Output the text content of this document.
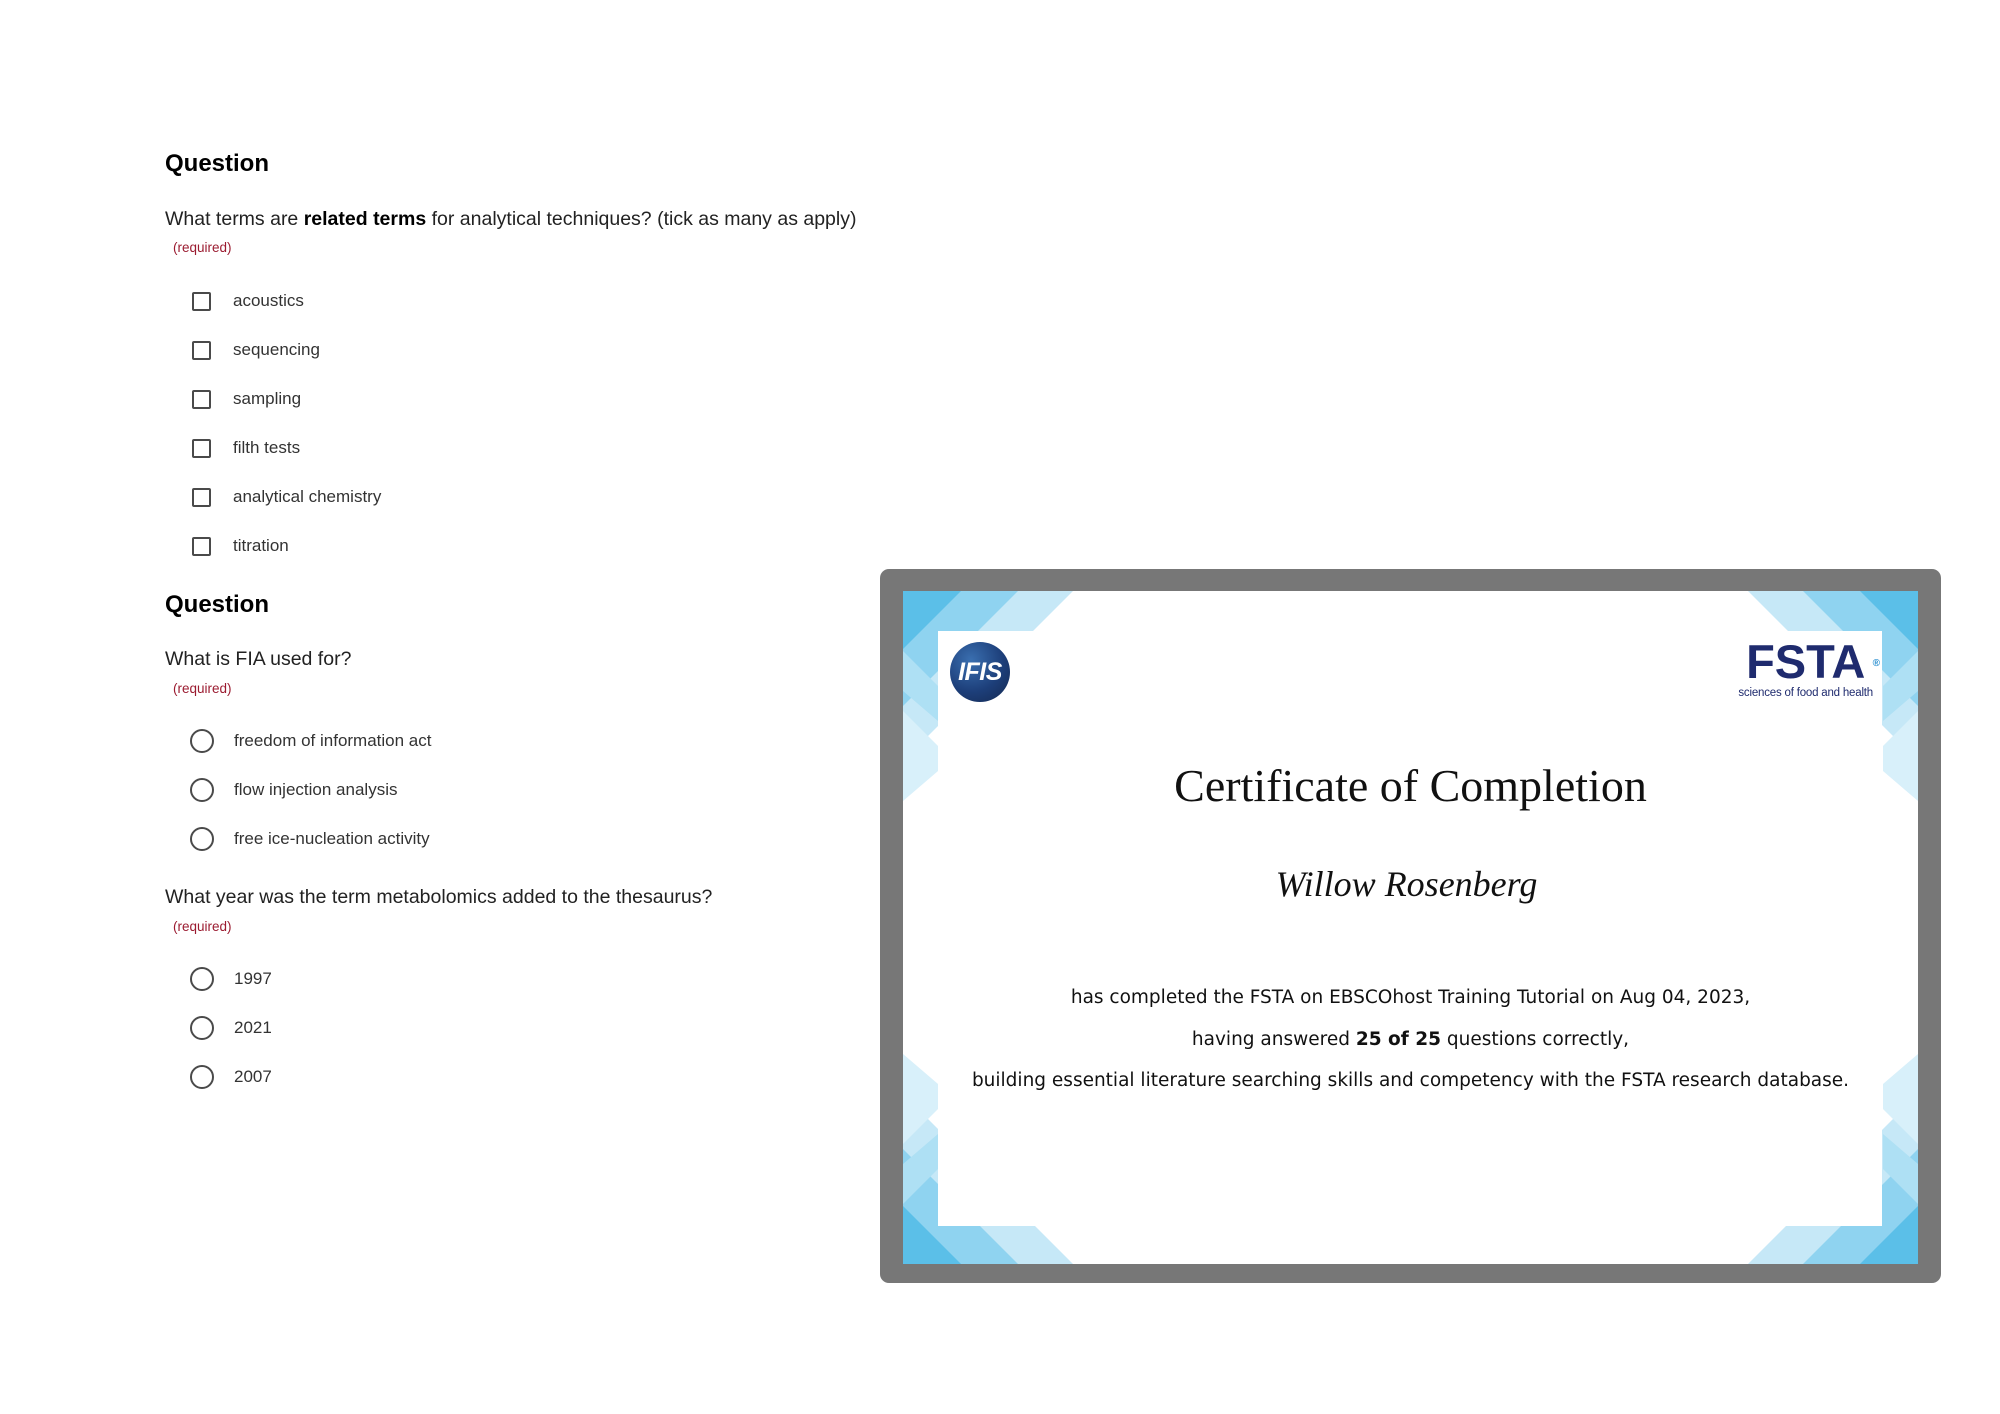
Question
What terms are related terms for analytical techniques? (tick as many as apply)
(required)
acoustics
sequencing
sampling
filth tests
analytical chemistry
titration
Question
What is FIA used for?
(required)
freedom of information act
flow injection analysis
free ice-nucleation activity
What year was the term metabolomics added to the thesaurus?
(required)
1997
2021
2007
IFIS	FSTA ®
sciences of food and health
Certificate of Completion
Willow Rosenberg
has completed the FSTA on EBSCOhost Training Tutorial on Aug 04, 2023,
having answered 25 of 25 questions correctly,
building essential literature searching skills and competency with the FSTA research database.
